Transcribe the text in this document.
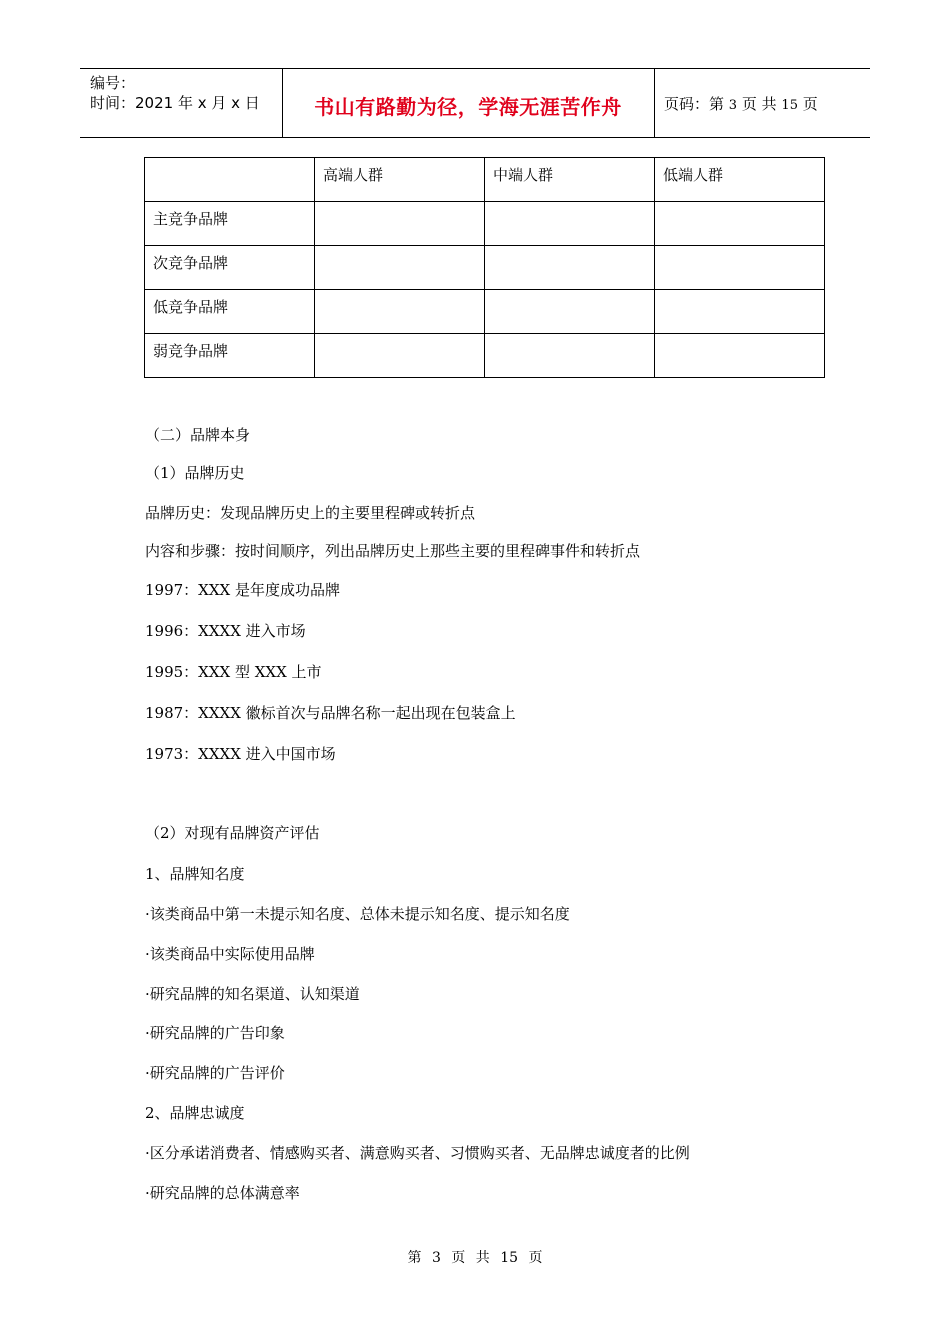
编号：
时间：2021 年 x 月 x 日	书山有路勤为径，学海无涯苦作舟	页码：第 3 页 共 15 页
	高端人群	中端人群	低端人群
主竞争品牌			
次竞争品牌			
低竞争品牌			
弱竞争品牌			
（二）品牌本身
（1）品牌历史
品牌历史：发现品牌历史上的主要里程碑或转折点
内容和步骤：按时间顺序，列出品牌历史上那些主要的里程碑事件和转折点
1997：XXX 是年度成功品牌
1996：XXXX 进入市场
1995：XXX 型 XXX 上市
1987：XXXX 徽标首次与品牌名称一起出现在包装盒上
1973：XXXX 进入中国市场
（2）对现有品牌资产评估
1、品牌知名度
·该类商品中第一未提示知名度、总体未提示知名度、提示知名度
·该类商品中实际使用品牌
·研究品牌的知名渠道、认知渠道
·研究品牌的广告印象
·研究品牌的广告评价
2、品牌忠诚度
·区分承诺消费者、情感购买者、满意购买者、习惯购买者、无品牌忠诚度者的比例
·研究品牌的总体满意率
第 3 页 共 15 页
